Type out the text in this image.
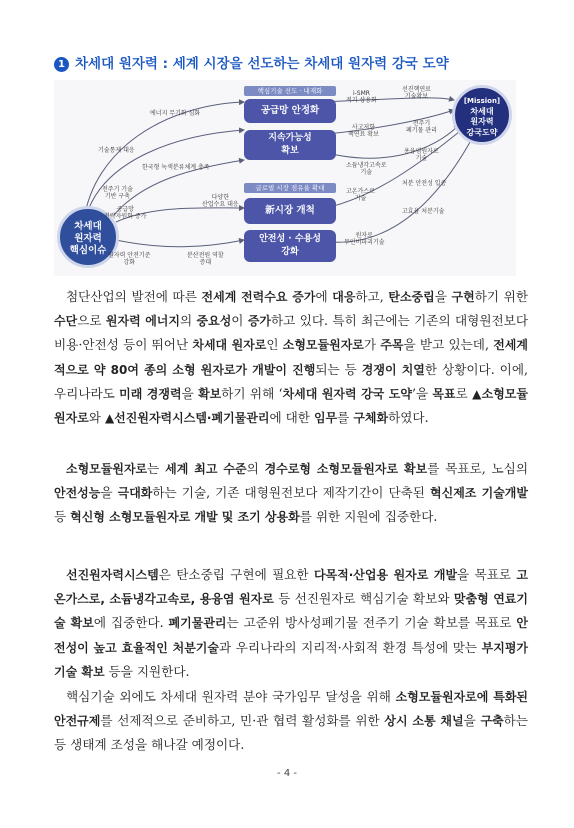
1 차세대 원자력 : 세계 시장을 선도하는 차세대 원자력 강국 도약
핵심기술 선도 · 내재화
공급망 안정화
지속가능성
확보
글로벌 시장 점유율 확대
新시장 개척
안전성 · 수용성
강화
차세대
원자력
핵심이슈
[Mission]
차세대
원자력
강국도약
에너지 무기화 심화
기술통제 대응
한국형 녹색분류체계 충족
전주기 기술
기반 구축
공급망
전략자원화 증가
다양한
산업수요 대응
원자력 안전기준
강화
분산전원 역할
증대
i-SMR
적기 상용화
선진핵연료
기술확보
사고저항
핵연료 확보
전주기
폐기물 관리
소듐냉각고속로
기술
용융염원자로
기술
고온가스로
기술
처분 안전성 입증
고효율 처분기술
원자로
무인비파괴기술
첨단산업의 발전에 따른 전세계 전력수요 증가에 대응하고, 탄소중립을 구현하기 위한 수단으로 원자력 에너지의 중요성이 증가하고 있다. 특히 최근에는 기존의 대형원전보다 비용·안전성 등이 뛰어난 차세대 원자로인 소형모듈원자로가 주목을 받고 있는데, 전세계적으로 약 80여 종의 소형 원자로가 개발이 진행되는 등 경쟁이 치열한 상황이다. 이에, 우리나라도 미래 경쟁력을 확보하기 위해 ‘차세대 원자력 강국 도약’을 목표로 ▲소형모듈원자로와 ▲선진원자력시스템·폐기물관리에 대한 임무를 구체화하였다.
소형모듈원자로는 세계 최고 수준의 경수로형 소형모듈원자로 확보를 목표로, 노심의 안전성능을 극대화하는 기술, 기존 대형원전보다 제작기간이 단축된 혁신제조 기술개발 등 혁신형 소형모듈원자로 개발 및 조기 상용화를 위한 지원에 집중한다.
선진원자력시스템은 탄소중립 구현에 필요한 다목적·산업용 원자로 개발을 목표로 고온가스로, 소듐냉각고속로, 용융염 원자로 등 선진원자로 핵심기술 확보와 맞춤형 연료기술 확보에 집중한다. 폐기물관리는 고준위 방사성폐기물 전주기 기술 확보를 목표로 안전성이 높고 효율적인 처분기술과 우리나라의 지리적·사회적 환경 특성에 맞는 부지평가 기술 확보 등을 지원한다.
핵심기술 외에도 차세대 원자력 분야 국가임무 달성을 위해 소형모듈원자로에 특화된 안전규제를 선제적으로 준비하고, 민·관 협력 활성화를 위한 상시 소통 채널을 구축하는 등 생태계 조성을 해나갈 예정이다.
- 4 -
